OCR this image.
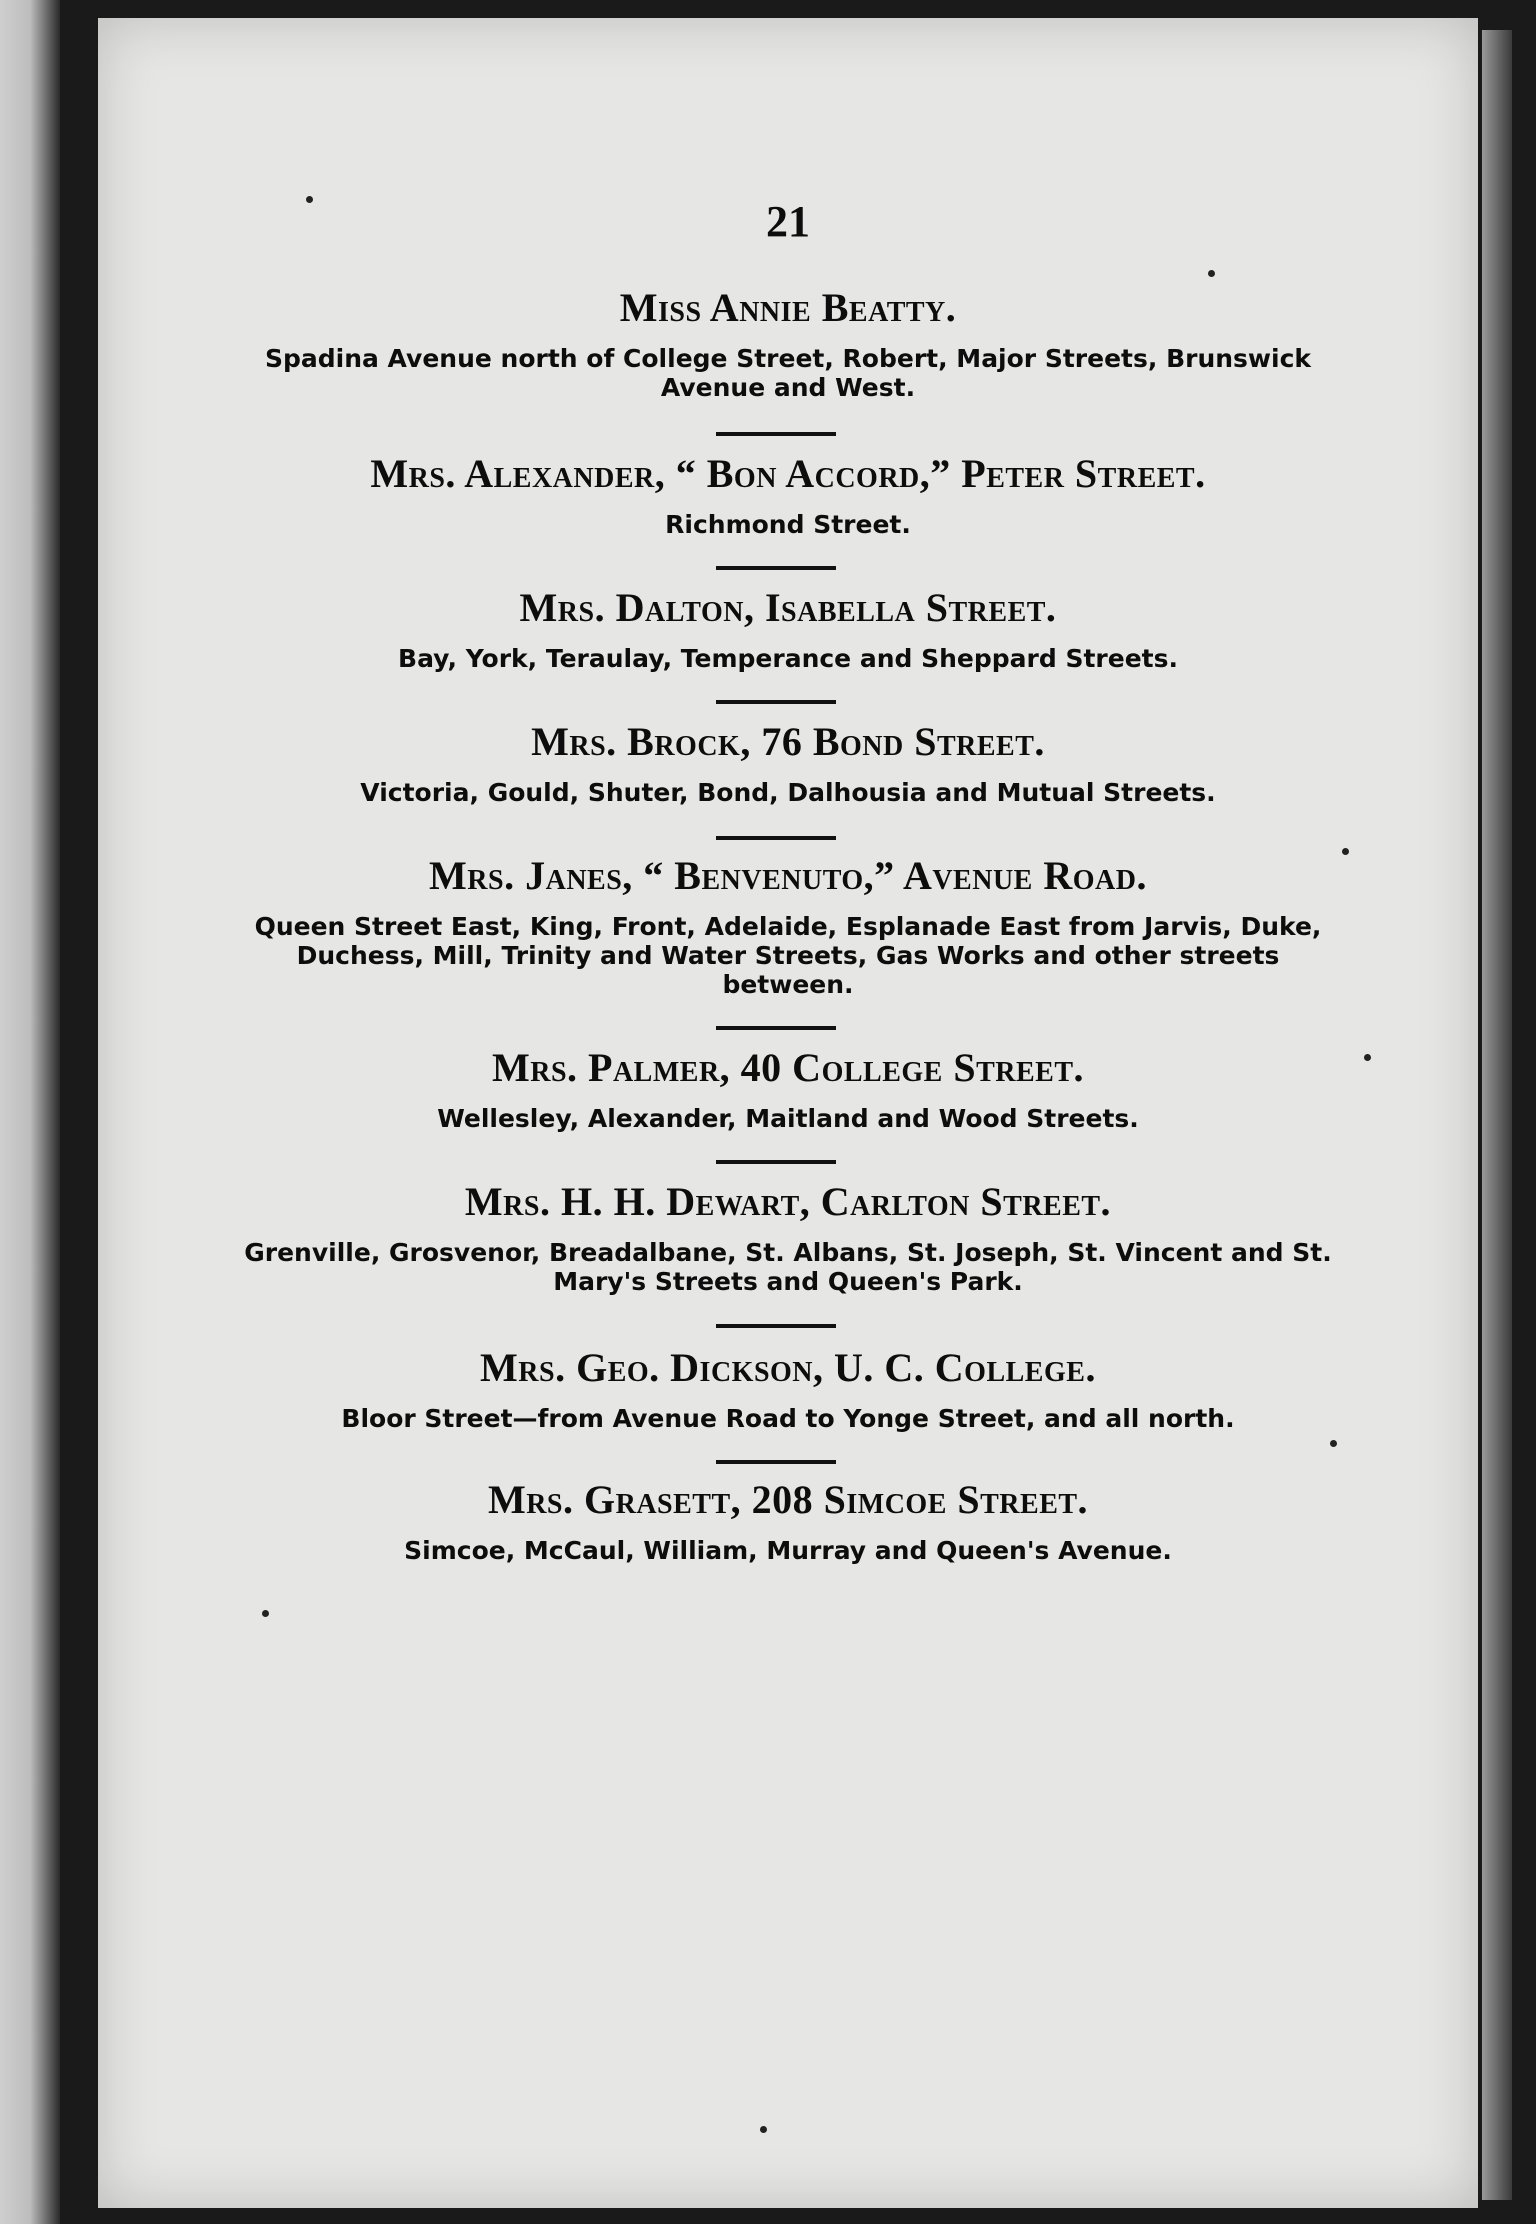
21
Miss Annie Beatty.
Spadina Avenue north of College Street, Robert, Major Streets, Brunswick Avenue and West.
Mrs. Alexander, “ Bon Accord,” Peter Street.
Richmond Street.
Mrs. Dalton, Isabella Street.
Bay, York, Teraulay, Temperance and Sheppard Streets.
Mrs. Brock, 76 Bond Street.
Victoria, Gould, Shuter, Bond, Dalhousia and Mutual Streets.
Mrs. Janes, “ Benvenuto,” Avenue Road.
Queen Street East, King, Front, Adelaide, Esplanade East from Jarvis, Duke, Duchess, Mill, Trinity and Water Streets, Gas Works and other streets between.
Mrs. Palmer, 40 College Street.
Wellesley, Alexander, Maitland and Wood Streets.
Mrs. H. H. Dewart, Carlton Street.
Grenville, Grosvenor, Breadalbane, St. Albans, St. Joseph, St. Vincent and St. Mary's Streets and Queen's Park.
Mrs. Geo. Dickson, U. C. College.
Bloor Street—from Avenue Road to Yonge Street, and all north.
Mrs. Grasett, 208 Simcoe Street.
Simcoe, McCaul, William, Murray and Queen's Avenue.
